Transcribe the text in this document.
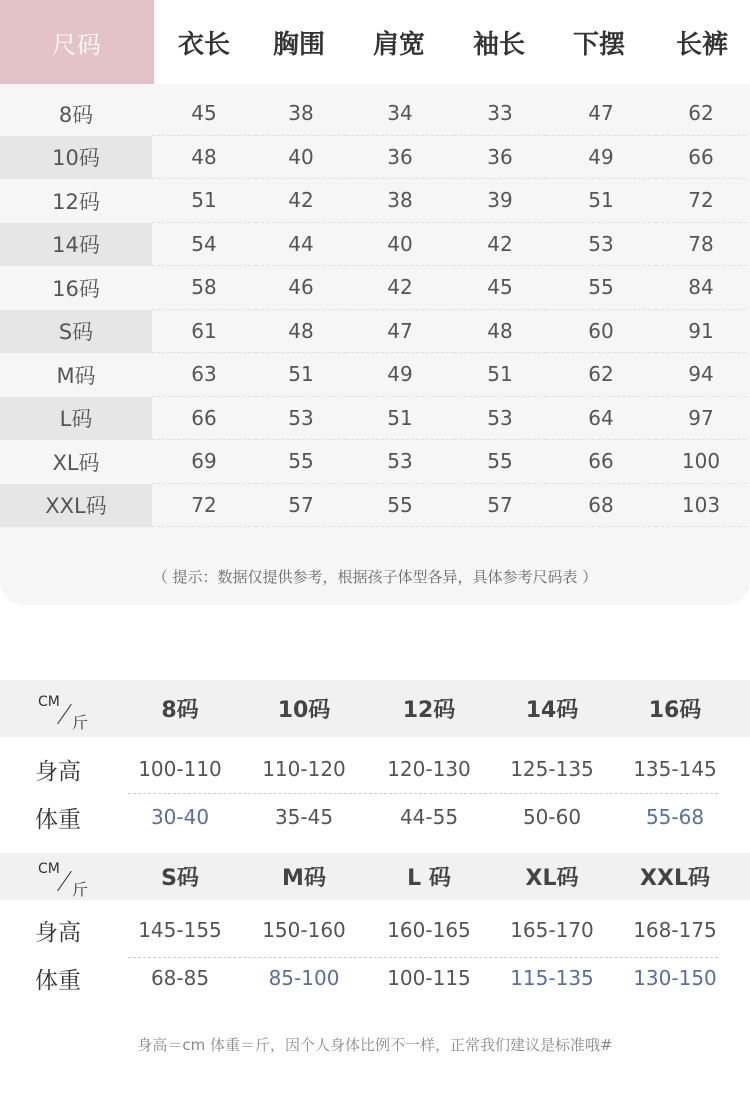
尺码	衣长	胸围	肩宽	袖长	下摆	长裤
8码	45	38	34	33	47	62
10码	48	40	36	36	49	66
12码	51	42	38	39	51	72
14码	54	44	40	42	53	78
16码	58	46	42	45	55	84
S码	61	48	47	48	60	91
M码	63	51	49	51	62	94
L码	66	53	51	53	64	97
XL码	69	55	53	55	66	100
XXL码	72	57	55	57	68	103
（ 提示：数据仅提供参考，根据孩子体型各异，具体参考尺码表 ）
CM
斤	8码	10码	12码	14码	16码
身高	100-110	110-120	120-130	125-135	135-145
体重	30-40	35-45	44-55	50-60	55-68
CM
斤	S码	M码	L 码	XL码	XXL码
身高	145-155	150-160	160-165	165-170	168-175
体重	68-85	85-100	100-115	115-135	130-150
身高＝cm 体重＝斤，因个人身体比例不一样，正常我们建议是标准哦#
